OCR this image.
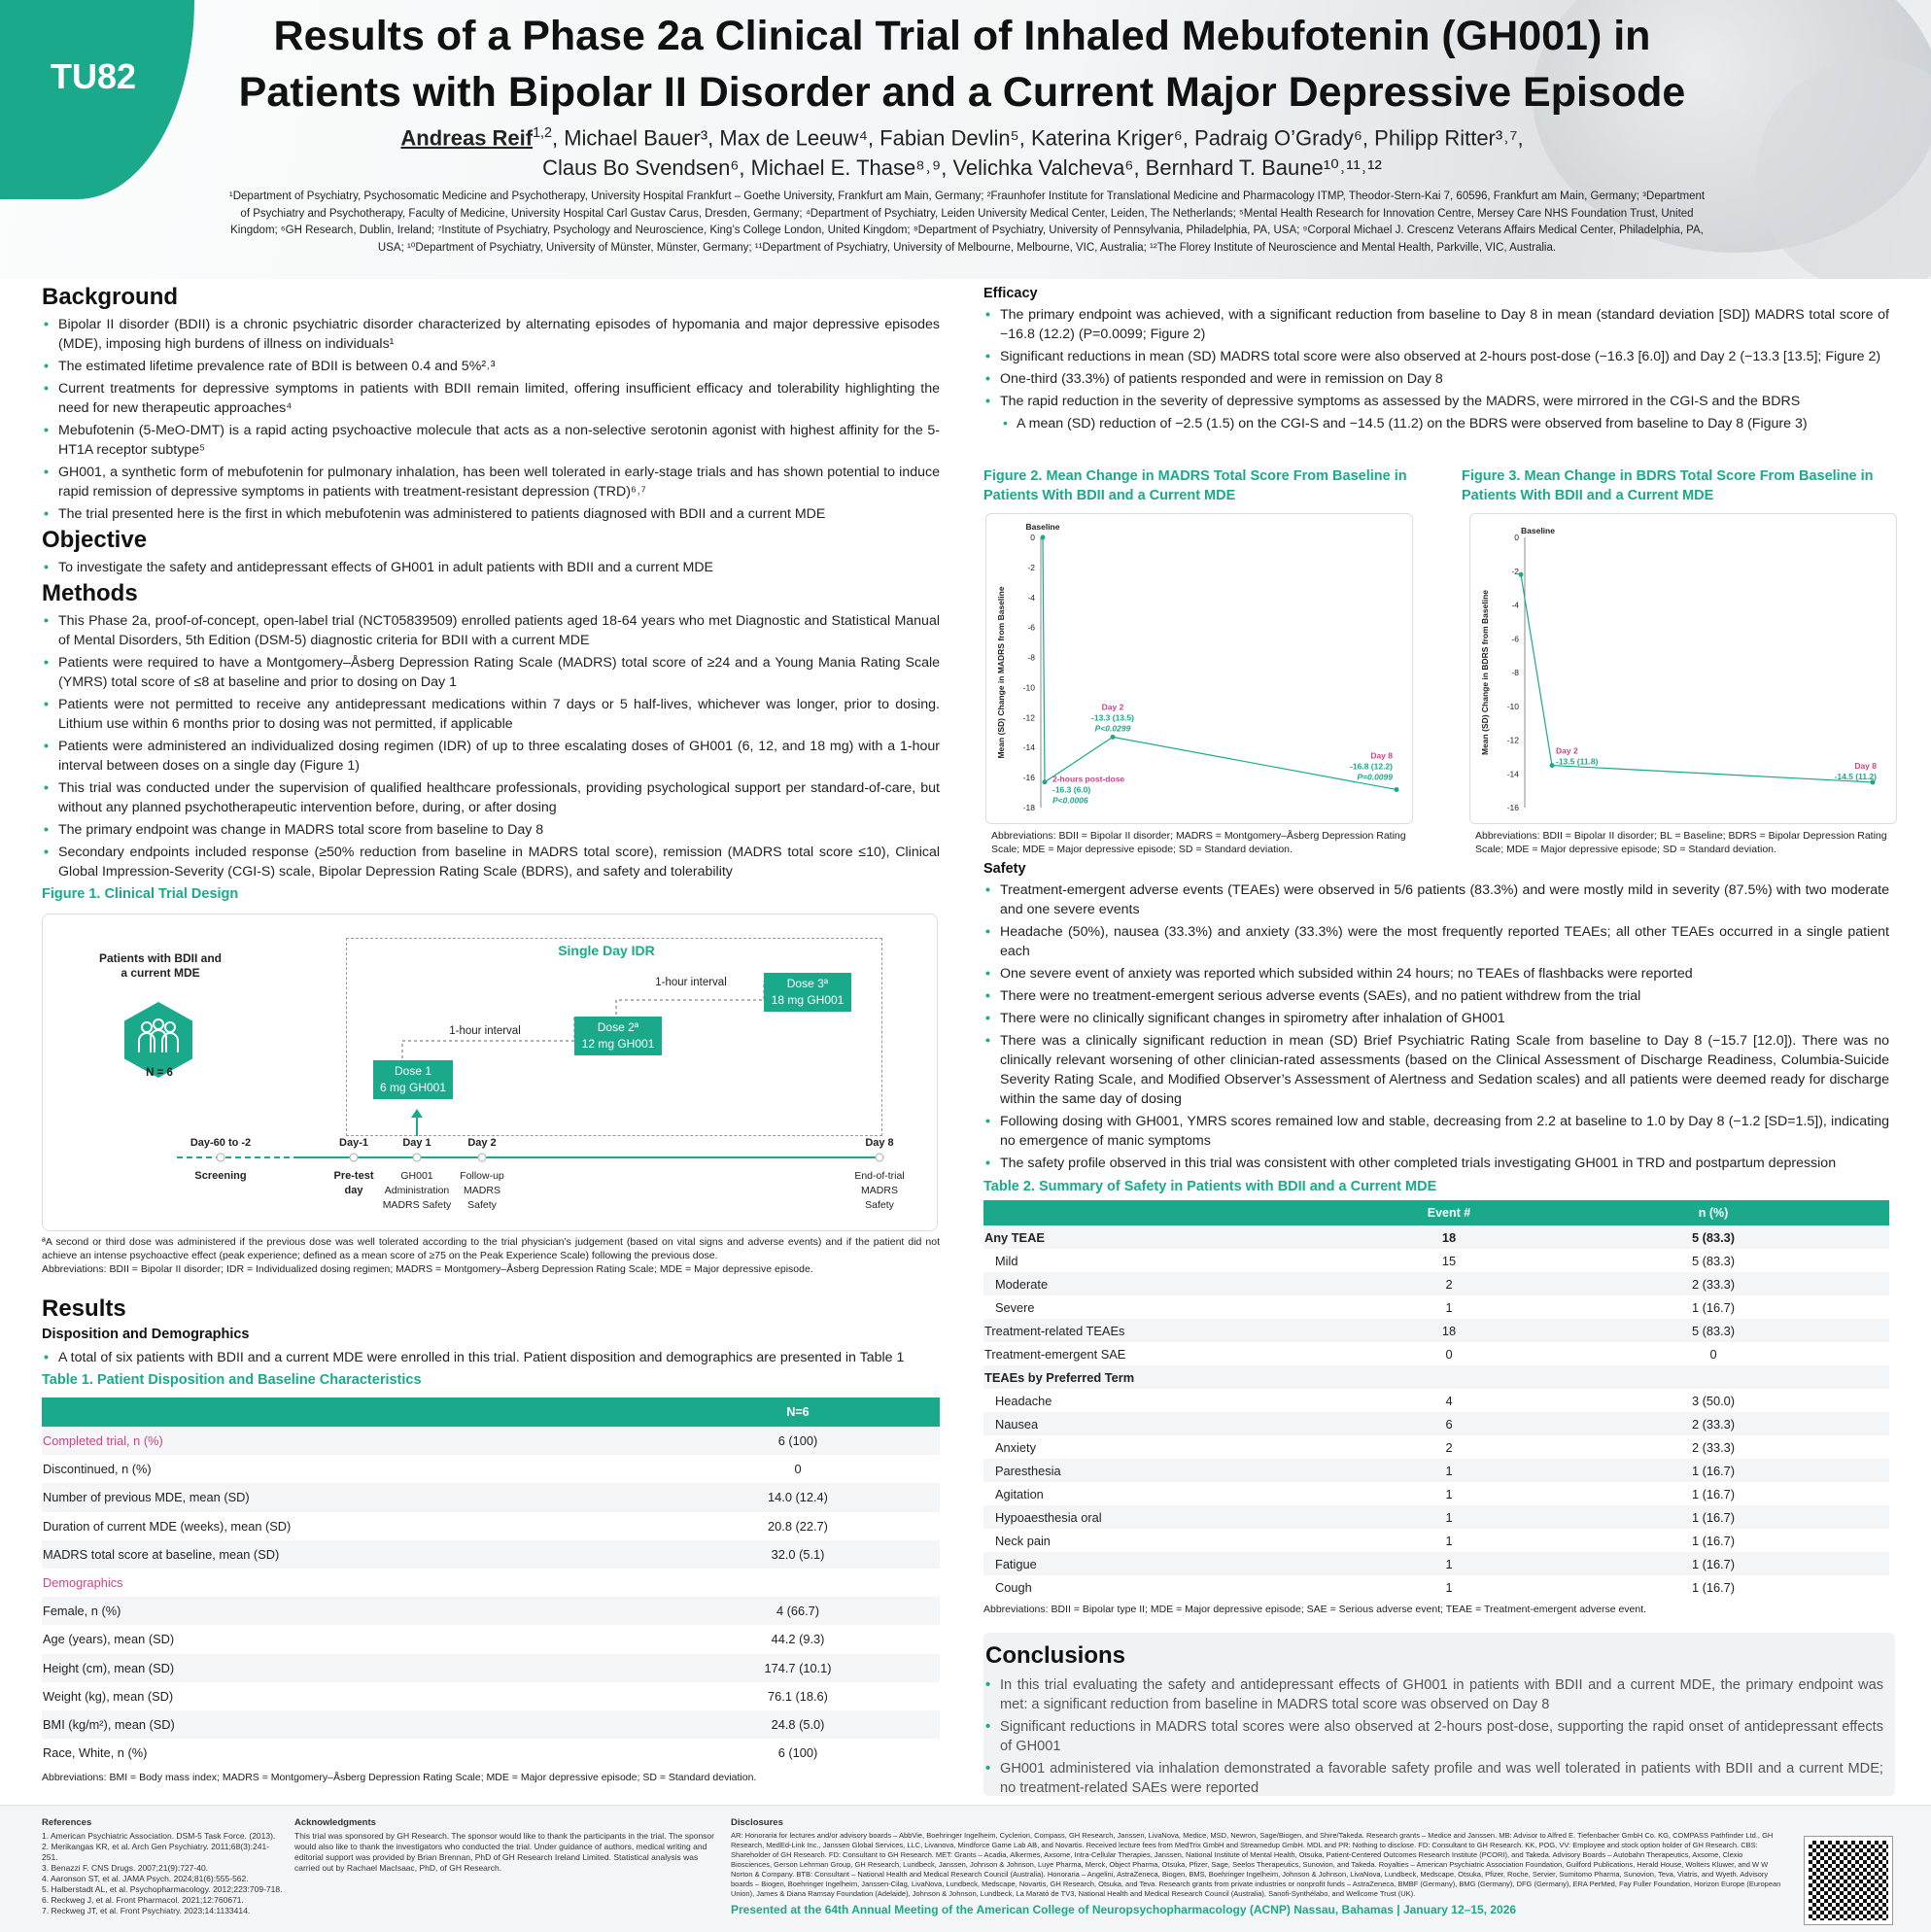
TU82
Results of a Phase 2a Clinical Trial of Inhaled Mebufotenin (GH001) in
Patients with Bipolar II Disorder and a Current Major Depressive Episode
Andreas Reif$^{1,2}$, Michael Bauer³, Max de Leeuw⁴, Fabian Devlin⁵, Katerina Kriger⁶, Padraig O’Grady⁶, Philipp Ritter³˒⁷,
Claus Bo Svendsen⁶, Michael E. Thase⁸˒⁹, Velichka Valcheva⁶, Bernhard T. Baune¹⁰˒¹¹˒¹²
¹Department of Psychiatry, Psychosomatic Medicine and Psychotherapy, University Hospital Frankfurt – Goethe University, Frankfurt am Main, Germany; ²Fraunhofer Institute for Translational Medicine and Pharmacology ITMP, Theodor-Stern-Kai 7, 60596, Frankfurt am Main, Germany; ³Department of Psychiatry and Psychotherapy, Faculty of Medicine, University Hospital Carl Gustav Carus, Dresden, Germany; ⁴Department of Psychiatry, Leiden University Medical Center, Leiden, The Netherlands; ⁵Mental Health Research for Innovation Centre, Mersey Care NHS Foundation Trust, United Kingdom; ⁶GH Research, Dublin, Ireland; ⁷Institute of Psychiatry, Psychology and Neuroscience, King’s College London, United Kingdom; ⁸Department of Psychiatry, University of Pennsylvania, Philadelphia, PA, USA; ⁹Corporal Michael J. Crescenz Veterans Affairs Medical Center, Philadelphia, PA, USA; ¹⁰Department of Psychiatry, University of Münster, Münster, Germany; ¹¹Department of Psychiatry, University of Melbourne, Melbourne, VIC, Australia; ¹²The Florey Institute of Neuroscience and Mental Health, Parkville, VIC, Australia.
Background
• Bipolar II disorder (BDII) is a chronic psychiatric disorder characterized by alternating episodes of hypomania and major depressive episodes (MDE), imposing high burdens of illness on individuals¹
• The estimated lifetime prevalence rate of BDII is between 0.4 and 5%²˒³
• Current treatments for depressive symptoms in patients with BDII remain limited, offering insufficient efficacy and tolerability highlighting the need for new therapeutic approaches⁴
• Mebufotenin (5-MeO-DMT) is a rapid acting psychoactive molecule that acts as a non-selective serotonin agonist with highest affinity for the 5-HT1A receptor subtype⁵
• GH001, a synthetic form of mebufotenin for pulmonary inhalation, has been well tolerated in early-stage trials and has shown potential to induce rapid remission of depressive symptoms in patients with treatment-resistant depression (TRD)⁶˒⁷
• The trial presented here is the first in which mebufotenin was administered to patients diagnosed with BDII and a current MDE
Objective
• To investigate the safety and antidepressant effects of GH001 in adult patients with BDII and a current MDE
Methods
• This Phase 2a, proof-of-concept, open-label trial (NCT05839509) enrolled patients aged 18-64 years who met Diagnostic and Statistical Manual of Mental Disorders, 5th Edition (DSM-5) diagnostic criteria for BDII with a current MDE
• Patients were required to have a Montgomery–Åsberg Depression Rating Scale (MADRS) total score of ≥24 and a Young Mania Rating Scale (YMRS) total score of ≤8 at baseline and prior to dosing on Day 1
• Patients were not permitted to receive any antidepressant medications within 7 days or 5 half-lives, whichever was longer, prior to dosing. Lithium use within 6 months prior to dosing was not permitted, if applicable
• Patients were administered an individualized dosing regimen (IDR) of up to three escalating doses of GH001 (6, 12, and 18 mg) with a 1-hour interval between doses on a single day (Figure 1)
• This trial was conducted under the supervision of qualified healthcare professionals, providing psychological support per standard-of-care, but without any planned psychotherapeutic intervention before, during, or after dosing
• The primary endpoint was change in MADRS total score from baseline to Day 8
• Secondary endpoints included response (≥50% reduction from baseline in MADRS total score), remission (MADRS total score ≤10), Clinical Global Impression-Severity (CGI-S) scale, Bipolar Depression Rating Scale (BDRS), and safety and tolerability
Figure 1. Clinical Trial Design
Patients with BDII and a current MDE
N = 6
Single Day IDR
1-hour interval
1-hour interval
Dose 1
6 mg GH001
Dose 2ª
12 mg GH001
Dose 3ª
18 mg GH001
Day-60 to -2	Day-1	Day 1	Day 2	Day 8
Screening	Pre-test day
GH001 Administration MADRS Safety
Follow-up MADRS Safety
End-of-trial MADRS Safety
ªA second or third dose was administered if the previous dose was well tolerated according to the trial physician’s judgement (based on vital signs and adverse events) and if the patient did not achieve an intense psychoactive effect (peak experience; defined as a mean score of ≥75 on the Peak Experience Scale) following the previous dose.
Abbreviations: BDII = Bipolar II disorder; IDR = Individualized dosing regimen; MADRS = Montgomery–Åsberg Depression Rating Scale; MDE = Major depressive episode.
Results
Disposition and Demographics
• A total of six patients with BDII and a current MDE were enrolled in this trial. Patient disposition and demographics are presented in Table 1
Table 1. Patient Disposition and Baseline Characteristics
	N=6
Completed trial, n (%)	6 (100)
Discontinued, n (%)	0
Number of previous MDE, mean (SD)	14.0 (12.4)
Duration of current MDE (weeks), mean (SD)	20.8 (22.7)
MADRS total score at baseline, mean (SD)	32.0 (5.1)
Demographics	
Female, n (%)	4 (66.7)
Age (years), mean (SD)	44.2 (9.3)
Height (cm), mean (SD)	174.7 (10.1)
Weight (kg), mean (SD)	76.1 (18.6)
BMI (kg/m²), mean (SD)	24.8 (5.0)
Race, White, n (%)	6 (100)
Abbreviations: BMI = Body mass index; MADRS = Montgomery–Åsberg Depression Rating Scale; MDE = Major depressive episode; SD = Standard deviation.
Efficacy
• The primary endpoint was achieved, with a significant reduction from baseline to Day 8 in mean (standard deviation [SD]) MADRS total score of −16.8 (12.2) (P=0.0099; Figure 2)
• Significant reductions in mean (SD) MADRS total score were also observed at 2-hours post-dose (−16.3 [6.0]) and Day 2 (−13.3 [13.5]; Figure 2)
• One-third (33.3%) of patients responded and were in remission on Day 8
• The rapid reduction in the severity of depressive symptoms as assessed by the MADRS, were mirrored in the CGI-S and the BDRS
• A mean (SD) reduction of −2.5 (1.5) on the CGI-S and −14.5 (11.2) on the BDRS were observed from baseline to Day 8 (Figure 3)
Figure 2. Mean Change in MADRS Total Score From Baseline in Patients With BDII and a Current MDE
Figure 3. Mean Change in BDRS Total Score From Baseline in Patients With BDII and a Current MDE
0
-2
-4
-6
-8
-10
-12
-14
-16
-18
Mean (SD) Change in MADRS from Baseline
Baseline
2-hours post-dose
-16.3 (6.0)
P<0.0006
Day 2
-13.3 (13.5)
P<0.0299
Day 8
-16.8 (12.2)
P=0.0099
0
-2
-4
-6
-8
-10
-12
-14
-16
Mean (SD) Change in BDRS from Baseline
Baseline
Day 2
-13.5 (11.8)	Day 8
-14.5 (11.2)
Abbreviations: BDII = Bipolar II disorder; MADRS = Montgomery–Åsberg Depression Rating Scale; MDE = Major depressive episode; SD = Standard deviation.
Abbreviations: BDII = Bipolar II disorder; BL = Baseline; BDRS = Bipolar Depression Rating Scale; MDE = Major depressive episode; SD = Standard deviation.
Safety
• Treatment-emergent adverse events (TEAEs) were observed in 5/6 patients (83.3%) and were mostly mild in severity (87.5%) with two moderate and one severe events
• Headache (50%), nausea (33.3%) and anxiety (33.3%) were the most frequently reported TEAEs; all other TEAEs occurred in a single patient each
• One severe event of anxiety was reported which subsided within 24 hours; no TEAEs of flashbacks were reported
• There were no treatment-emergent serious adverse events (SAEs), and no patient withdrew from the trial
• There were no clinically significant changes in spirometry after inhalation of GH001
• There was a clinically significant reduction in mean (SD) Brief Psychiatric Rating Scale from baseline to Day 8 (−15.7 [12.0]). There was no clinically relevant worsening of other clinician-rated assessments (based on the Clinical Assessment of Discharge Readiness, Columbia-Suicide Severity Rating Scale, and Modified Observer’s Assessment of Alertness and Sedation scales) and all patients were deemed ready for discharge within the same day of dosing
• Following dosing with GH001, YMRS scores remained low and stable, decreasing from 2.2 at baseline to 1.0 by Day 8 (−1.2 [SD=1.5]), indicating no emergence of manic symptoms
• The safety profile observed in this trial was consistent with other completed trials investigating GH001 in TRD and postpartum depression
Table 2. Summary of Safety in Patients with BDII and a Current MDE
	Event #	n (%)
Any TEAE	18	5 (83.3)
Mild	15	5 (83.3)
Moderate	2	2 (33.3)
Severe	1	1 (16.7)
Treatment-related TEAEs	18	5 (83.3)
Treatment-emergent SAE	0	0
TEAEs by Preferred Term		
Headache	4	3 (50.0)
Nausea	6	2 (33.3)
Anxiety	2	2 (33.3)
Paresthesia	1	1 (16.7)
Agitation	1	1 (16.7)
Hypoaesthesia oral	1	1 (16.7)
Neck pain	1	1 (16.7)
Fatigue	1	1 (16.7)
Cough	1	1 (16.7)
Abbreviations: BDII = Bipolar type II; MDE = Major depressive episode; SAE = Serious adverse event; TEAE = Treatment-emergent adverse event.
Conclusions
• In this trial evaluating the safety and antidepressant effects of GH001 in patients with BDII and a current MDE, the primary endpoint was met: a significant reduction from baseline in MADRS total score was observed on Day 8
• Significant reductions in MADRS total scores were also observed at 2-hours post-dose, supporting the rapid onset of antidepressant effects of GH001
• GH001 administered via inhalation demonstrated a favorable safety profile and was well tolerated in patients with BDII and a current MDE; no treatment-related SAEs were reported
References
1. American Psychiatric Association. DSM-5 Task Force. (2013).
2. Merikangas KR, et al. Arch Gen Psychiatry. 2011;68(3):241-251.
3. Benazzi F. CNS Drugs. 2007;21(9):727-40.
4. Aaronson ST, et al. JAMA Psych. 2024;81(6):555-562.
5. Halberstadt AL, et al. Psychopharmacology. 2012;223:709-718.
6. Reckweg J, et al. Front Pharmacol. 2021;12:760671.
7. Reckweg JT, et al. Front Psychiatry. 2023;14:1133414.
Acknowledgments
This trial was sponsored by GH Research. The sponsor would like to thank the participants in the trial. The sponsor would also like to thank the investigators who conducted the trial. Under guidance of authors, medical writing and editorial support was provided by Brian Brennan, PhD of GH Research Ireland Limited. Statistical analysis was carried out by Rachael MacIsaac, PhD, of GH Research.
Disclosures
AR: Honoraria for lectures and/or advisory boards – AbbVie, Boehringer Ingelheim, Cyclerion, Compass, GH Research, Janssen, LivaNova, Medice, MSD, Newron, Sage/Biogen, and Shire/Takeda. Research grants – Medice and Janssen. MB: Advisor to Alfred E. Tiefenbacher GmbH Co. KG, COMPASS Pathfinder Ltd., GH Research, MedEd-Link Inc., Janssen Global Services, LLC, Livanova, Mindforce Game Lab AB, and Novartis. Received lecture fees from MedTrix GmbH and Streamedup GmbH. MDL and PR: Nothing to disclose. FD: Consultant to GH Research. KK, POG, VV: Employee and stock option holder of GH Research. CBS: Shareholder of GH Research. FD: Consultant to GH Research. MET: Grants – Acadia, Alkermes, Axsome, Intra-Cellular Therapies, Janssen, National Institute of Mental Health, Otsuka, Patient-Centered Outcomes Research Institute (PCORI), and Takeda. Advisory Boards – Autobahn Therapeutics, Axsome, Clexio Biosciences, Gerson Lehrman Group, GH Research, Lundbeck, Janssen, Johnson & Johnson, Luye Pharma, Merck, Object Pharma, Otsuka, Pfizer, Sage, Seelos Therapeutics, Sunovion, and Takeda. Royalties – American Psychiatric Association Foundation, Guilford Publications, Herald House, Wolters Kluwer, and W W Norton & Company. BTB: Consultant – National Health and Medical Research Council (Australia). Honoraria – Angelini, AstraZeneca, Biogen, BMS, Boehringer Ingelheim, Johnson & Johnson, LivaNova, Lundbeck, Medscape, Otsuka, Pfizer, Roche, Servier, Sumitomo Pharma, Sunovion, Teva, Viatris, and Wyeth. Advisory boards – Biogen, Boehringer Ingelheim, Janssen-Cilag, LivaNova, Lundbeck, Medscape, Novartis, GH Research, Otsuka, and Teva. Research grants from private industries or nonprofit funds – AstraZeneca, BMBF (Germany), BMG (Germany), DFG (Germany), ERA PerMed, Fay Fuller Foundation, Horizon Europe (European Union), James & Diana Ramsay Foundation (Adelaide), Johnson & Johnson, Lundbeck, La Marató de TV3, National Health and Medical Research Council (Australia), Sanofi-Synthélabo, and Wellcome Trust (UK).
Presented at the 64th Annual Meeting of the American College of Neuropsychopharmacology (ACNP) Nassau, Bahamas | January 12–15, 2026
